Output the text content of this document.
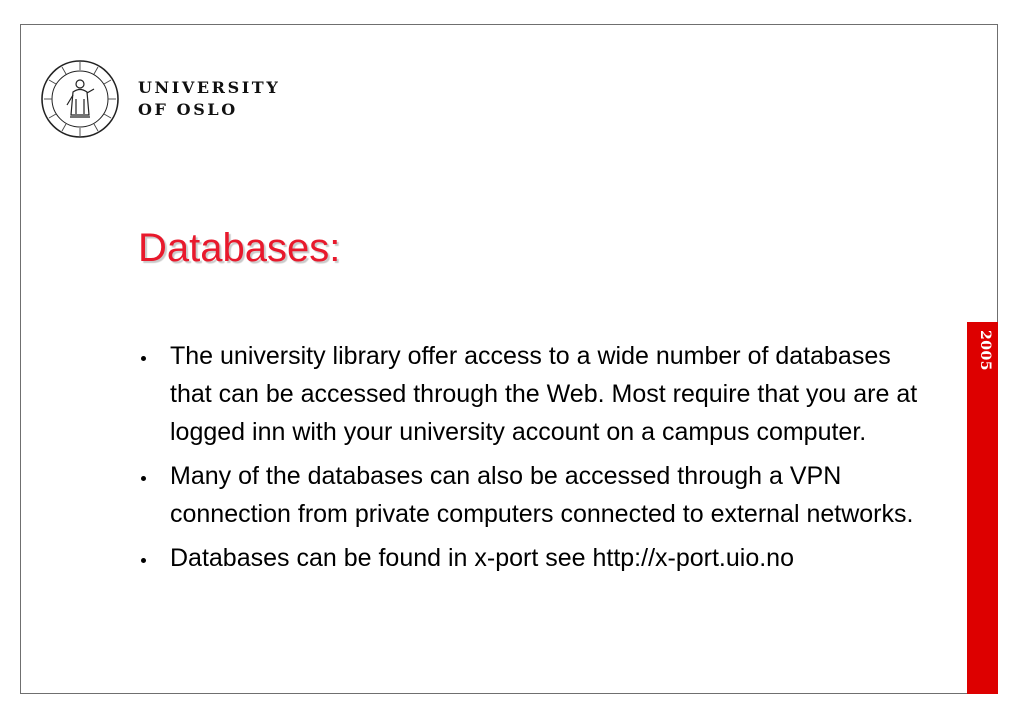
UNIVERSITY
OF OSLO
Databases:
The university library offer access to a wide number of databases that can be accessed through the Web. Most require that you are at logged inn with your university account on a campus computer.
Many of the databases can also be accessed through a VPN connection from private computers connected to external networks.
Databases can be found in x-port see http://x-port.uio.no
2005
